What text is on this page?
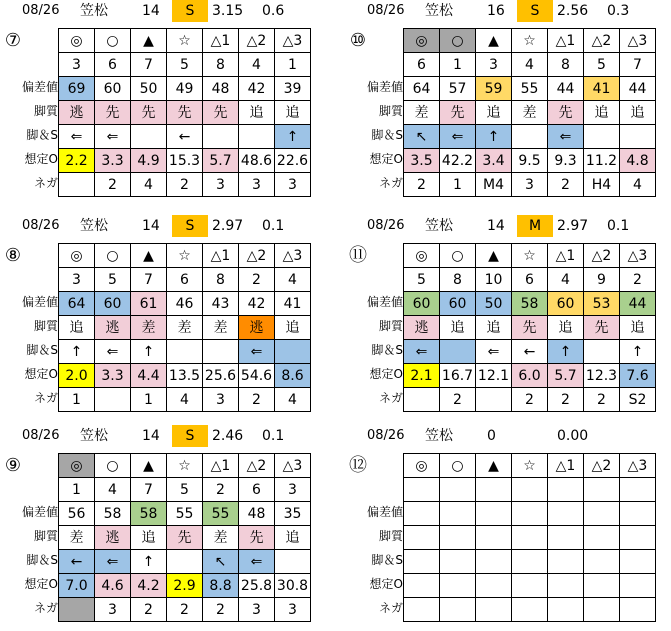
08/26 笠松 14	S	3.15 0.6
⑦
偏差値
脚質
脚＆S
想定O
ネガ
◎	○	▲	☆	△1	△2	△3
3	6	7	5	8	4	1
69	60	50	49	48	42	39
逃	先	先	先	先	追	追
⇐	⇐		←			↑
2.2	3.3	4.9	15.3	5.7	48.6	22.6
	2	4	2	3	3	3
08/26 笠松 16	S	2.56 0.3
⑩
偏差値
脚質
脚＆S
想定O
ネガ
◎	○	▲	☆	△1	△2	△3
6	1	3	4	8	5	7
64	57	59	55	44	41	44
差	先	追	差	先	追	追
↖	⇐	↑		⇐		
3.5	42.2	3.4	9.5	9.3	11.2	4.8
2	1	M4	3	2	H4	4
08/26 笠松 14	S	2.97 0.1
⑧
偏差値
脚質
脚＆S
想定O
ネガ
◎	○	▲	☆	△1	△2	△3
3	5	7	6	8	2	4
64	60	61	46	43	42	41
追	逃	差	差	差	逃	追
↑	⇐	↑			⇐	
2.0	3.3	4.4	13.5	25.6	54.6	8.6
1		1	4	3	2	4
08/26 笠松 14	M	2.97 0.1
⑪
偏差値
脚質
脚＆S
想定O
ネガ
◎	○	▲	☆	△1	△2	△3
5	8	10	6	4	9	2
60	60	50	58	60	53	44
逃	追	追	先	追	先	追
⇐		⇐	←	↑		↑
2.1	16.7	12.1	6.0	5.7	12.3	7.6
	2		2	2	2	S2
08/26 笠松 14	S	2.46 0.1
⑨
偏差値
脚質
脚＆S
想定O
ネガ
◎	○	▲	☆	△1	△2	△3
1	4	7	5	2	6	3
56	58	58	55	55	48	35
差	逃	追	先	差	先	追
←	⇐	↑		↖	⇐	
7.0	4.6	4.2	2.9	8.8	25.8	30.8
	3	2	2	2	3	3
08/26 笠松 0	0.00
⑫
偏差値
脚質
脚＆S
想定O
ネガ
◎	○	▲	☆	△1	△2	△3
